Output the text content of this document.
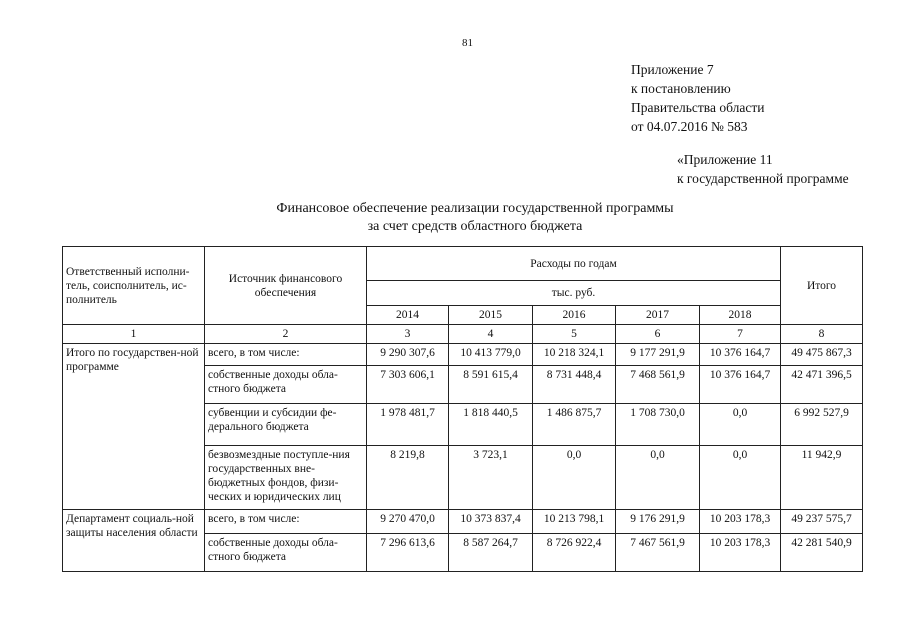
81
Приложение 7
к постановлению
Правительства области
от 04.07.2016 № 583
«Приложение 11
к государственной программе
Финансовое обеспечение реализации государственной программы
за счет средств областного бюджета
Ответственный исполни-тель, соисполнитель, ис-полнитель	Источник финансового обеспечения	Расходы по годам					Итого
		тыс. руб.					
		2014	2015	2016	2017	2018	
1	2	3	4	5	6	7	8
Итого по государствен-ной программе	всего, в том числе:	9 290 307,6	10 413 779,0	10 218 324,1	9 177 291,9	10 376 164,7	49 475 867,3
	собственные доходы обла-стного бюджета	7 303 606,1	8 591 615,4	8 731 448,4	7 468 561,9	10 376 164,7	42 471 396,5
	субвенции и субсидии фе-дерального бюджета	1 978 481,7	1 818 440,5	1 486 875,7	1 708 730,0	0,0	6 992 527,9
	безвозмездные поступле-ния государственных вне-бюджетных фондов, физи-ческих и юридических лиц	8 219,8	3 723,1	0,0	0,0	0,0	11 942,9
Департамент социаль-ной защиты населения области	всего, в том числе:	9 270 470,0	10 373 837,4	10 213 798,1	9 176 291,9	10 203 178,3	49 237 575,7
	собственные доходы обла-стного бюджета	7 296 613,6	8 587 264,7	8 726 922,4	7 467 561,9	10 203 178,3	42 281 540,9
